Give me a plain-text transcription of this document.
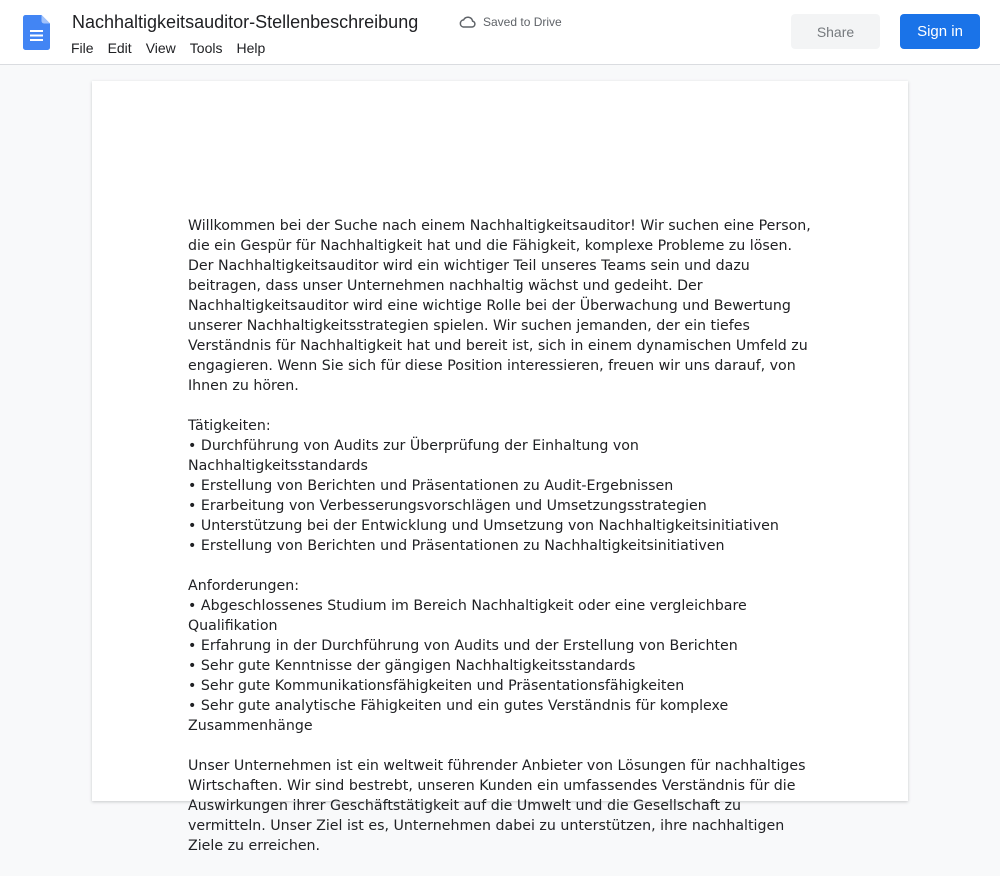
Nachhaltigkeitsauditor-Stellenbeschreibung	Saved to Drive
File	Edit	View	Tools	Help
Share	Sign in

Willkommen bei der Suche nach einem Nachhaltigkeitsauditor! Wir suchen eine Person, die ein Gespür für Nachhaltigkeit hat und die Fähigkeit, komplexe Probleme zu lösen. Der Nachhaltigkeitsauditor wird ein wichtiger Teil unseres Teams sein und dazu beitragen, dass unser Unternehmen nachhaltig wächst und gedeiht. Der Nachhaltigkeitsauditor wird eine wichtige Rolle bei der Überwachung und Bewertung unserer Nachhaltigkeitsstrategien spielen. Wir suchen jemanden, der ein tiefes Verständnis für Nachhaltigkeit hat und bereit ist, sich in einem dynamischen Umfeld zu engagieren. Wenn Sie sich für diese Position interessieren, freuen wir uns darauf, von Ihnen zu hören.

Tätigkeiten:

• Durchführung von Audits zur Überprüfung der Einhaltung von Nachhaltigkeitsstandards
• Erstellung von Berichten und Präsentationen zu Audit-Ergebnissen
• Erarbeitung von Verbesserungsvorschlägen und Umsetzungsstrategien
• Unterstützung bei der Entwicklung und Umsetzung von Nachhaltigkeitsinitiativen
• Erstellung von Berichten und Präsentationen zu Nachhaltigkeitsinitiativen

Anforderungen:

• Abgeschlossenes Studium im Bereich Nachhaltigkeit oder eine vergleichbare Qualifikation
• Erfahrung in der Durchführung von Audits und der Erstellung von Berichten
• Sehr gute Kenntnisse der gängigen Nachhaltigkeitsstandards
• Sehr gute Kommunikationsfähigkeiten und Präsentationsfähigkeiten
• Sehr gute analytische Fähigkeiten und ein gutes Verständnis für komplexe Zusammenhänge

Unser Unternehmen ist ein weltweit führender Anbieter von Lösungen für nachhaltiges Wirtschaften. Wir sind bestrebt, unseren Kunden ein umfassendes Verständnis für die Auswirkungen ihrer Geschäftstätigkeit auf die Umwelt und die Gesellschaft zu vermitteln. Unser Ziel ist es, Unternehmen dabei zu unterstützen, ihre nachhaltigen Ziele zu erreichen.
